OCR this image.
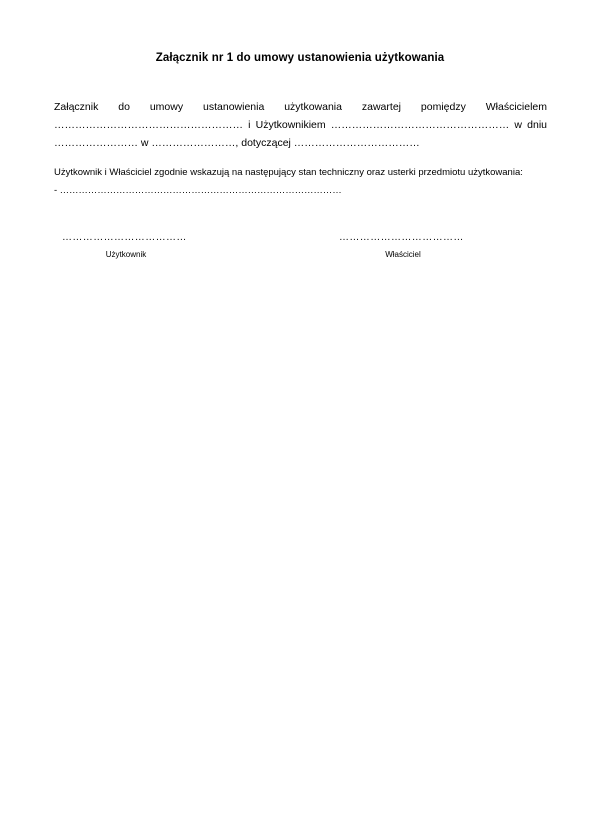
Załącznik nr 1 do umowy ustanowienia użytkowania

Załącznik do umowy ustanowienia użytkowania zawartej pomiędzy Właścicielem ……………………………………………… i Użytkownikiem …………………………………………… w dniu …………………… w ……………………, dotyczącej ………………………………

Użytkownik i Właściciel zgodnie wskazują na następujący stan techniczny oraz usterki przedmiotu użytkowania:
- ………………………………………………………………………………
………………………………
Użytkownik
………………………………
Właściciel
